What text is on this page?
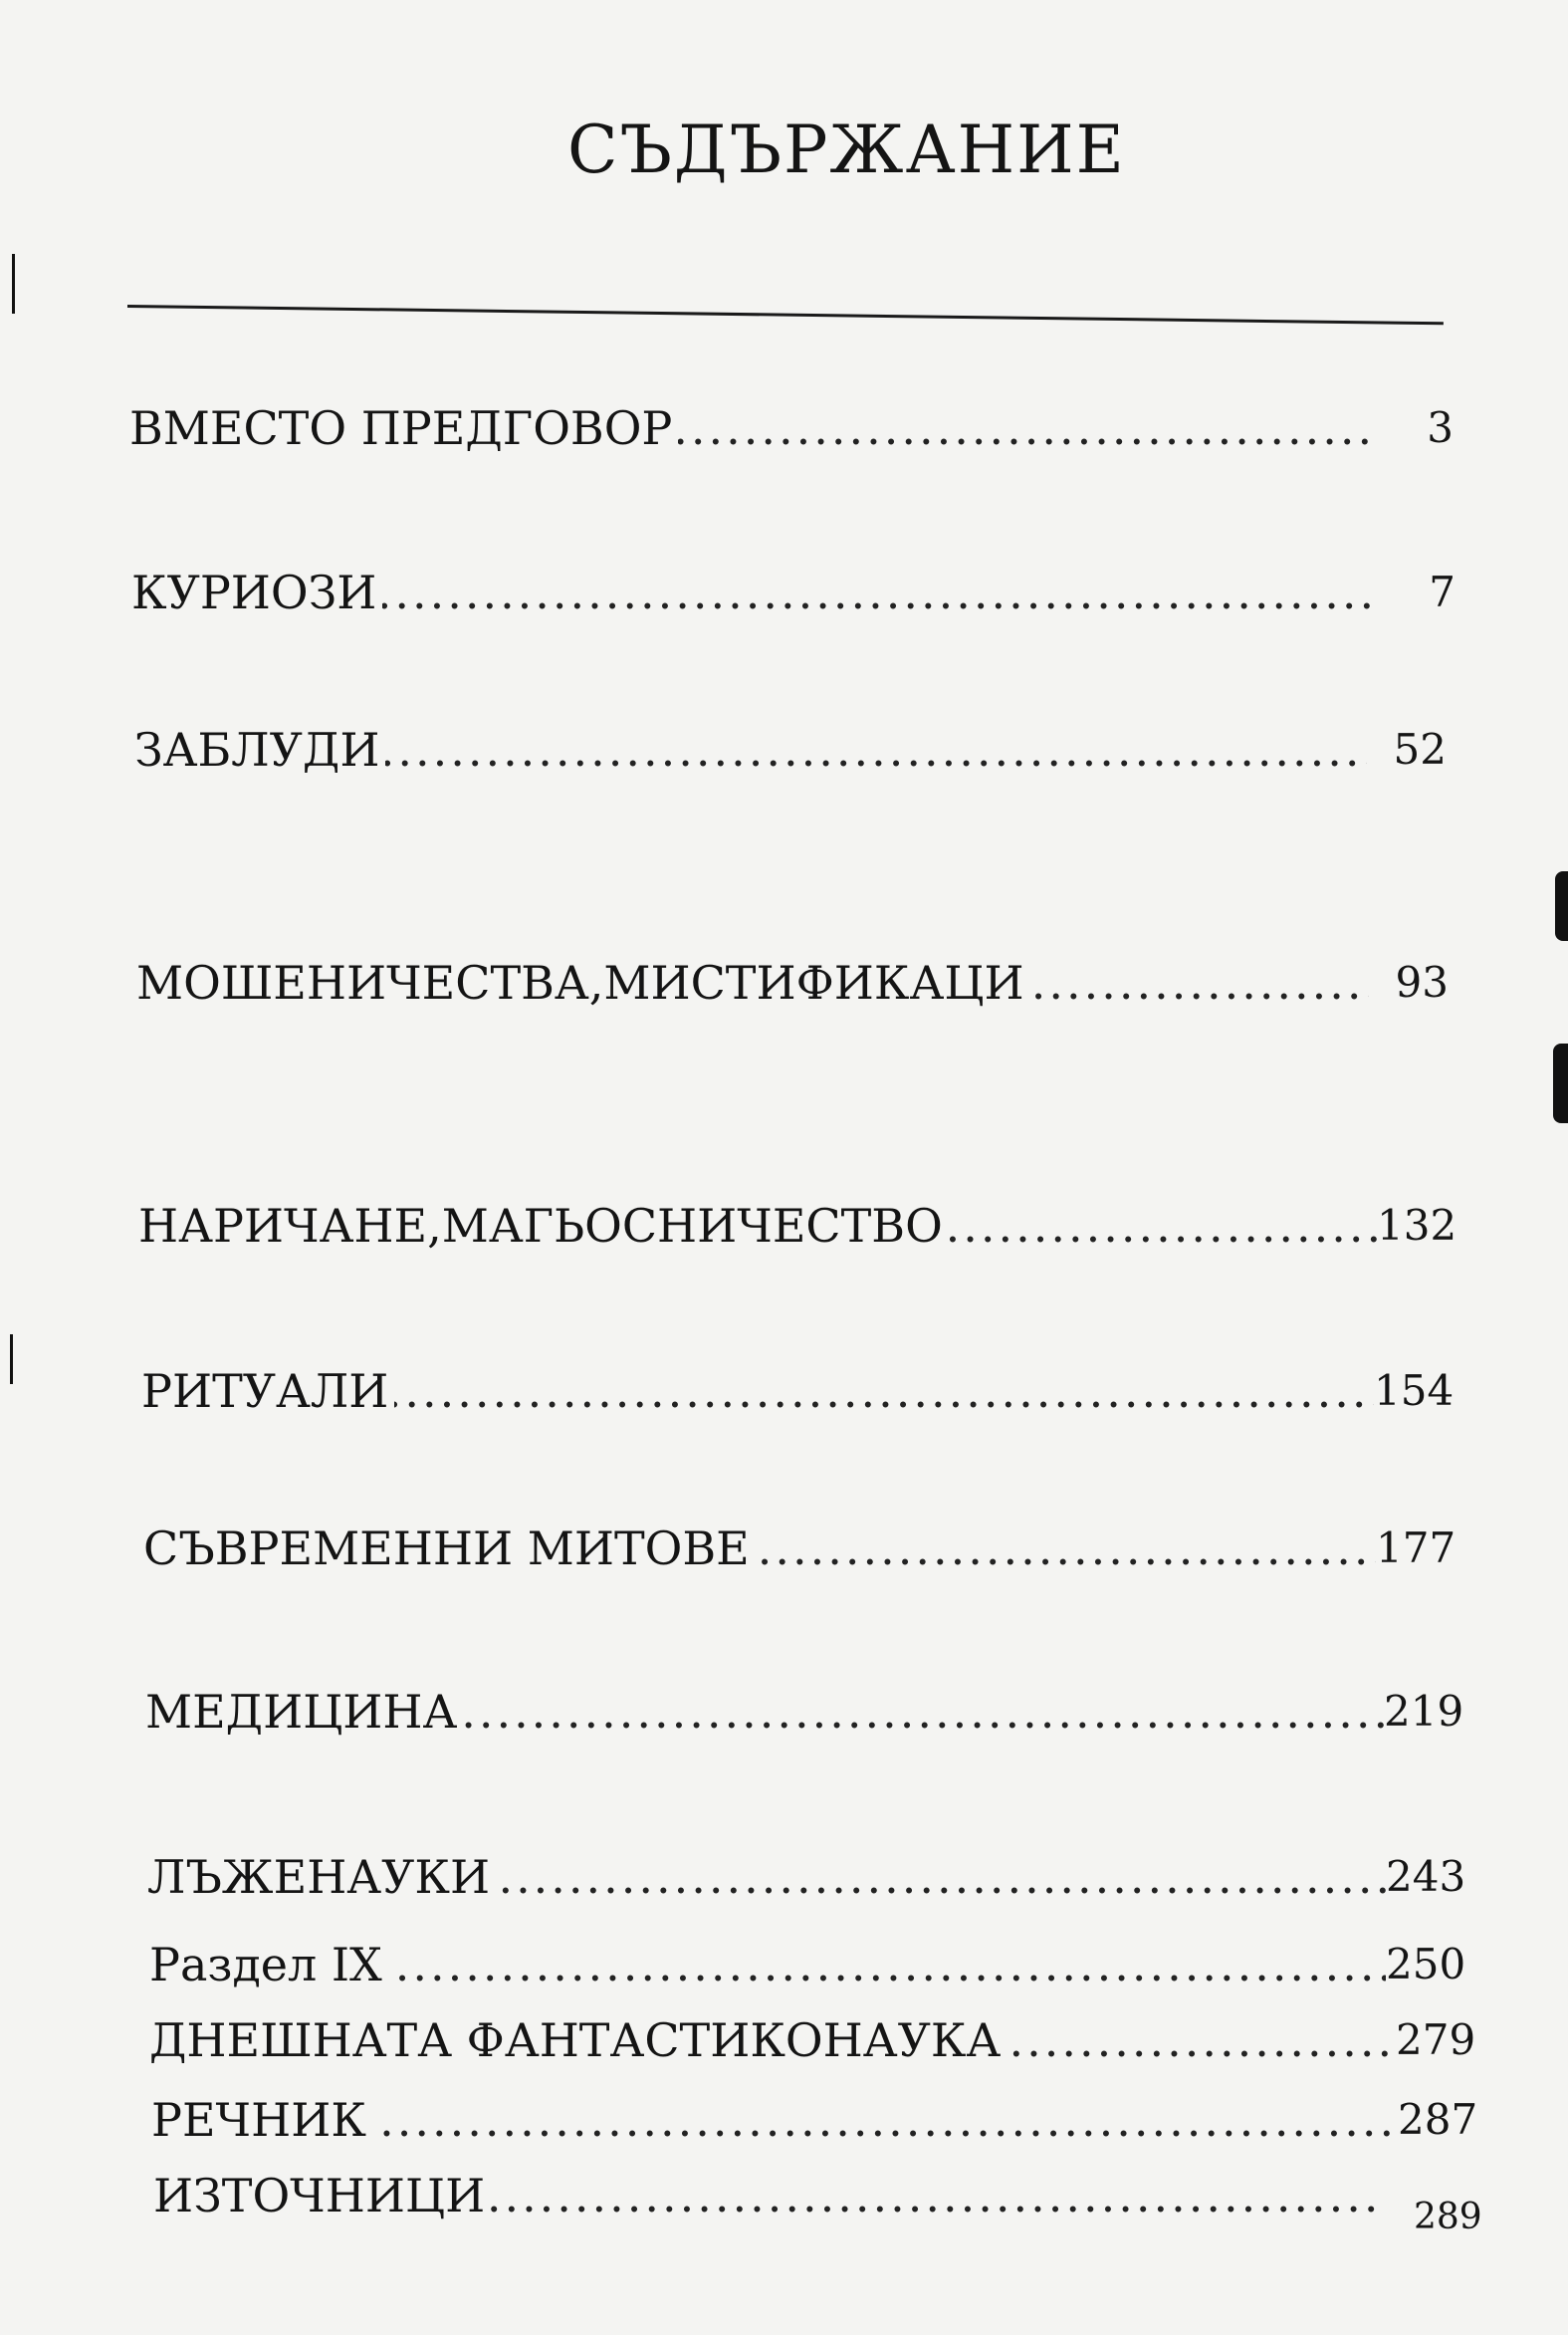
СЪДЪРЖАНИЕ
ВМЕСТО ПРЕДГОВОР .....	3
КУРИОЗИ .....	7
ЗАБЛУДИ .....	52
МОШЕНИЧЕСТВА,МИСТИФИКАЦИ .....	93
НАРИЧАНЕ,МАГЬОСНИЧЕСТВО .....	132
РИТУАЛИ .....	154
СЪВРЕМЕННИ МИТОВЕ .....	177
МЕДИЦИНА .....	219
ЛЪЖЕНАУКИ .....	243
Раздел IX .....	250
ДНЕШНАТА ФАНТАСТИКОНАУКА .....	279
РЕЧНИК .....	287
ИЗТОЧНИЦИ .....	289
